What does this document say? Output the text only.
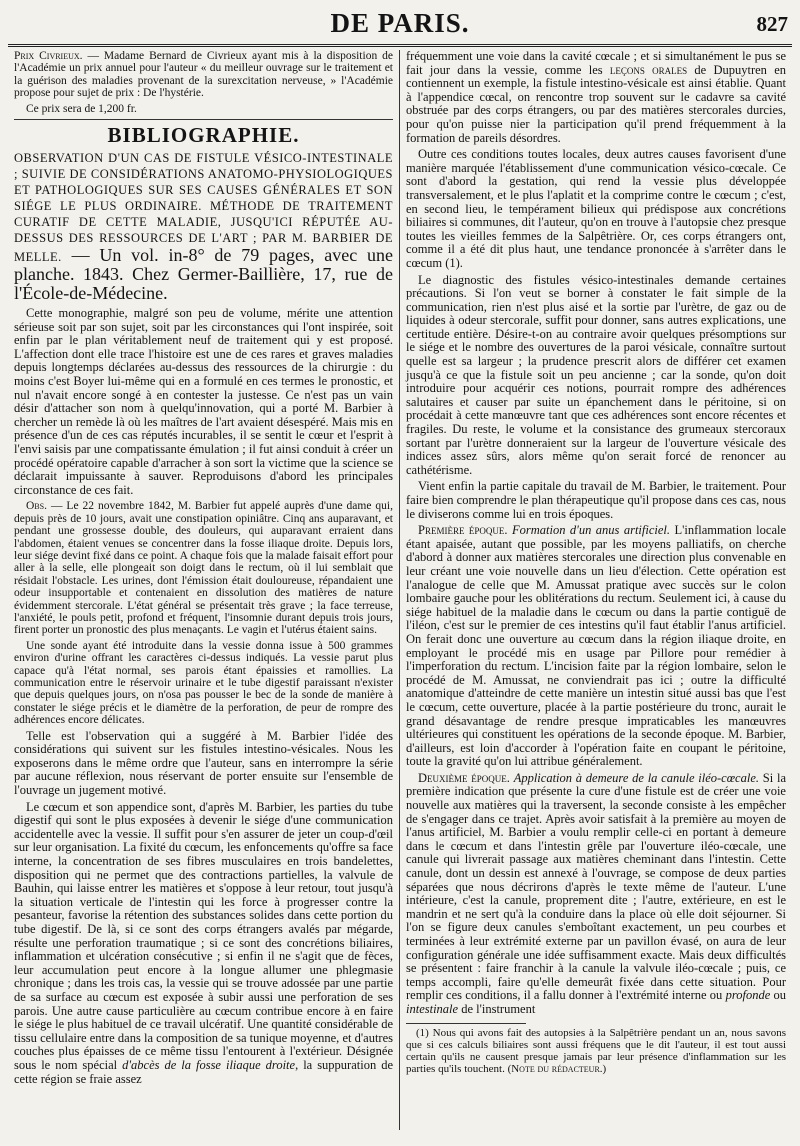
DE PARIS.	827

Prix Civrieux. — Madame Bernard de Civrieux ayant mis à la disposition de l'Académie un prix annuel pour l'auteur « du meilleur ouvrage sur le traitement et la guérison des maladies provenant de la surexcitation nerveuse, » l'Académie propose pour sujet de prix : De l'hystérie.

Ce prix sera de 1,200 fr.

BIBLIOGRAPHIE.
OBSERVATION D'UN CAS DE FISTULE VÉSICO-INTESTINALE ; SUIVIE DE CONSIDÉRATIONS ANATOMO-PHYSIOLOGIQUES ET PATHOLOGIQUES SUR SES CAUSES GÉNÉRALES ET SON SIÉGE LE PLUS ORDINAIRE. MÉTHODE DE TRAITEMENT CURATIF DE CETTE MALADIE, JUSQU'ICI RÉPUTÉE AU-DESSUS DES RESSOURCES DE L'ART ; PAR M. BARBIER DE MELLE. — Un vol. in-8° de 79 pages, avec une planche. 1843. Chez Germer-Baillière, 17, rue de l'École-de-Médecine.

Cette monographie, malgré son peu de volume, mérite une attention sérieuse soit par son sujet, soit par les circonstances qui l'ont inspirée, soit enfin par le plan véritablement neuf de traitement qui y est proposé. L'affection dont elle trace l'histoire est une de ces rares et graves maladies depuis longtemps déclarées au-dessus des ressources de la chirurgie : du moins c'est Boyer lui-même qui en a formulé en ces termes le pronostic, et nul n'avait encore songé à en contester la justesse. Ce n'est pas un vain désir d'attacher son nom à quelqu'innovation, qui a porté M. Barbier à chercher un remède là où les maîtres de l'art avaient désespéré. Mais mis en présence d'un de ces cas réputés incurables, il se sentit le cœur et l'esprit à l'envi saisis par une compatissante émulation ; il fut ainsi conduit à créer un procédé opératoire capable d'arracher à son sort la victime que la science se déclarait impuissante à sauver. Reproduisons d'abord les principales circonstance de ces fait.

Obs. — Le 22 novembre 1842, M. Barbier fut appelé auprès d'une dame qui, depuis près de 10 jours, avait une constipation opiniâtre. Cinq ans auparavant, et pendant une grossesse double, des douleurs, qui auparavant erraient dans l'abdomen, étaient venues se concentrer dans la fosse iliaque droite. Depuis lors, leur siége devint fixé dans ce point. A chaque fois que la malade faisait effort pour aller à la selle, elle plongeait son doigt dans le rectum, où il lui semblait que résidait l'obstacle. Les urines, dont l'émission était douloureuse, répandaient une odeur insupportable et contenaient en dissolution des matières de nature évidemment stercorale. L'état général se présentait très grave ; la face terreuse, l'anxiété, le pouls petit, profond et fréquent, l'insomnie durant depuis trois jours, firent porter un pronostic des plus menaçants. Le vagin et l'utérus étaient sains.

Une sonde ayant été introduite dans la vessie donna issue à 500 grammes environ d'urine offrant les caractères ci-dessus indiqués. La vessie parut plus capace qu'à l'état normal, ses parois étant épaissies et ramollies. La communication entre le réservoir urinaire et le tube digestif paraissant n'exister que depuis quelques jours, on n'osa pas pousser le bec de la sonde de manière à constater le siége précis et le diamètre de la perforation, de peur de rompre des adhérences encore délicates.

Telle est l'observation qui a suggéré à M. Barbier l'idée des considérations qui suivent sur les fistules intestino-vésicales. Nous les exposerons dans le même ordre que l'auteur, sans en interrompre la série par aucune réflexion, nous réservant de porter ensuite sur l'ensemble de l'ouvrage un jugement motivé.

Le cœcum et son appendice sont, d'après M. Barbier, les parties du tube digestif qui sont le plus exposées à devenir le siége d'une communication accidentelle avec la vessie. Il suffit pour s'en assurer de jeter un coup-d'œil sur leur organisation. La fixité du cœcum, les enfoncements qu'offre sa face interne, la concentration de ses fibres musculaires en trois bandelettes, disposition qui ne permet que des contractions partielles, la valvule de Bauhin, qui laisse entrer les matières et s'oppose à leur retour, tout jusqu'à la situation verticale de l'intestin qui les force à progresser contre la pesanteur, favorise la rétention des substances solides dans cette portion du tube digestif. De là, si ce sont des corps étrangers avalés par mégarde, résulte une perforation traumatique ; si ce sont des concrétions biliaires, inflammation et ulcération consécutive ; si enfin il ne s'agit que de fèces, leur accumulation peut encore à la longue allumer une phlegmasie chronique ; dans les trois cas, la vessie qui se trouve adossée par une partie de sa surface au cœcum est exposée à subir aussi une perforation de ses parois. Une autre cause particulière au cœcum contribue encore à en faire le siége le plus habituel de ce travail ulcératif. Une quantité considérable de tissu cellulaire entre dans la composition de sa tunique moyenne, et d'autres couches plus épaisses de ce même tissu l'entourent à l'extérieur. Désignée sous le nom spécial d'abcès de la fosse iliaque droite, la suppuration de cette région se fraie assez

fréquemment une voie dans la cavité cœcale ; et si simultanément le pus se fait jour dans la vessie, comme les leçons orales de Dupuytren en contiennent un exemple, la fistule intestino-vésicale est ainsi établie. Quant à l'appendice cœcal, on rencontre trop souvent sur le cadavre sa cavité obstruée par des corps étrangers, ou par des matières stercorales durcies, pour qu'on puisse nier la participation qu'il prend fréquemment à la formation de pareils désordres.

Outre ces conditions toutes locales, deux autres causes favorisent d'une manière marquée l'établissement d'une communication vésico-cœcale. Ce sont d'abord la gestation, qui rend la vessie plus développée transversalement, et le plus l'aplatit et la comprime contre le cœcum ; c'est, en second lieu, le tempérament bilieux qui prédispose aux concrétions biliaires si communes, dit l'auteur, qu'on en trouve à l'autopsie chez presque toutes les vieilles femmes de la Salpêtrière. Or, ces corps étrangers ont, comme il a été dit plus haut, une tendance prononcée à s'arrêter dans le cœcum (1).

Le diagnostic des fistules vésico-intestinales demande certaines précautions. Si l'on veut se borner à constater le fait simple de la communication, rien n'est plus aisé et la sortie par l'urètre, de gaz ou de liquides à odeur stercorale, suffit pour donner, sans autres explications, une certitude entière. Désire-t-on au contraire avoir quelques présomptions sur le siége et le nombre des ouvertures de la paroi vésicale, connaître surtout quelle est sa largeur ; la prudence prescrit alors de différer cet examen jusqu'à ce que la fistule soit un peu ancienne ; car la sonde, qu'on doit introduire pour acquérir ces notions, pourrait rompre des adhérences salutaires et causer par suite un épanchement dans le péritoine, si on procédait à cette manœuvre tant que ces adhérences sont encore récentes et fragiles. Du reste, le volume et la consistance des grumeaux stercoraux sortant par l'urètre donneraient sur la largeur de l'ouverture vésicale des indices assez sûrs, alors même qu'on serait forcé de renoncer au cathétérisme.

Vient enfin la partie capitale du travail de M. Barbier, le traitement. Pour faire bien comprendre le plan thérapeutique qu'il propose dans ces cas, nous le diviserons comme lui en trois époques.

Première époque. Formation d'un anus artificiel. L'inflammation locale étant apaisée, autant que possible, par les moyens palliatifs, on cherche d'abord à donner aux matières stercorales une direction plus convenable en leur créant une voie nouvelle dans un lieu d'élection. Cette opération est l'analogue de celle que M. Amussat pratique avec succès sur le colon lombaire gauche pour les oblitérations du rectum. Seulement ici, à cause du siége habituel de la maladie dans le cœcum ou dans la partie contiguë de l'iléon, c'est sur le premier de ces intestins qu'il faut établir l'anus artificiel. On ferait donc une ouverture au cœcum dans la région iliaque droite, en employant le procédé mis en usage par Pillore pour remédier à l'imperforation du rectum. L'incision faite par la région lombaire, selon le procédé de M. Amussat, ne conviendrait pas ici ; outre la difficulté anatomique d'atteindre de cette manière un intestin situé aussi bas que l'est le cœcum, cette ouverture, placée à la partie postérieure du tronc, aurait le grand désavantage de rendre presque impraticables les manœuvres ultérieures qui constituent les opérations de la seconde époque. M. Barbier, d'ailleurs, est loin d'accorder à l'opération faite en coupant le péritoine, toute la gravité qu'on lui attribue généralement.

Deuxième époque. Application à demeure de la canule iléo-cœcale. Si la première indication que présente la cure d'une fistule est de créer une voie nouvelle aux matières qui la traversent, la seconde consiste à les empêcher de s'engager dans ce trajet. Après avoir satisfait à la première au moyen de l'anus artificiel, M. Barbier a voulu remplir celle-ci en portant à demeure dans le cœcum et dans l'intestin grêle par l'ouverture iléo-cœcale, une canule qui livrerait passage aux matières cheminant dans l'intestin. Cette canule, dont un dessin est annexé à l'ouvrage, se compose de deux parties séparées que nous décrirons d'après le texte même de l'auteur. L'une intérieure, c'est la canule, proprement dite ; l'autre, extérieure, en est le mandrin et ne sert qu'à la conduire dans la place où elle doit séjourner. Si l'on se figure deux canules s'emboîtant exactement, un peu courbes et terminées à leur extrémité externe par un pavillon évasé, on aura de leur configuration générale une idée suffisamment exacte. Mais deux difficultés se présentent : faire franchir à la canule la valvule iléo-cœcale ; puis, ce temps accompli, faire qu'elle demeurât fixée dans cette situation. Pour remplir ces conditions, il a fallu donner à l'extrémité interne ou profonde ou intestinale de l'instrument

(1) Nous qui avons fait des autopsies à la Salpêtrière pendant un an, nous savons que si ces calculs biliaires sont aussi fréquens que le dit l'auteur, il est tout aussi certain qu'ils ne causent presque jamais par leur présence d'inflammation sur les parties qu'ils touchent. (Note du rédacteur.)
